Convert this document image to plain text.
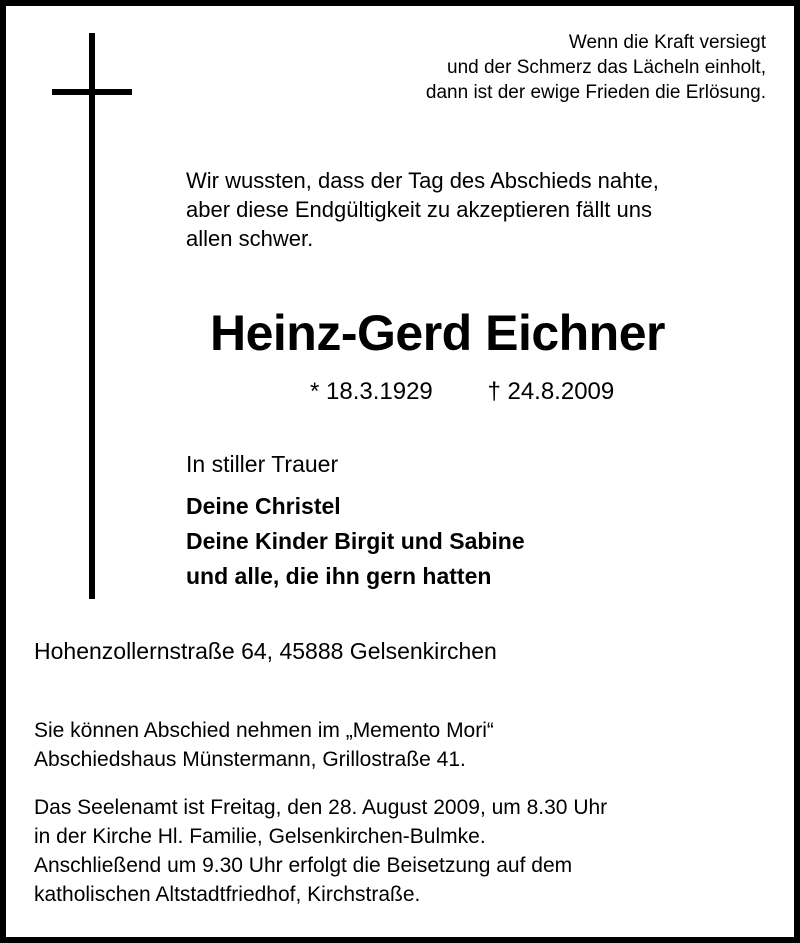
Wenn die Kraft versiegt
und der Schmerz das Lächeln einholt,
dann ist der ewige Frieden die Erlösung.
Wir wussten, dass der Tag des Abschieds nahte,
aber diese Endgültigkeit zu akzeptieren fällt uns
allen schwer.
Heinz-Gerd Eichner
* 18.3.1929 † 24.8.2009
In stiller Trauer
Deine Christel
Deine Kinder Birgit und Sabine
und alle, die ihn gern hatten
Hohenzollernstraße 64, 45888 Gelsenkirchen
Sie können Abschied nehmen im „Memento Mori“
Abschiedshaus Münstermann, Grillostraße 41.
Das Seelenamt ist Freitag, den 28. August 2009, um 8.30 Uhr
in der Kirche Hl. Familie, Gelsenkirchen-Bulmke.
Anschließend um 9.30 Uhr erfolgt die Beisetzung auf dem
katholischen Altstadtfriedhof, Kirchstraße.
